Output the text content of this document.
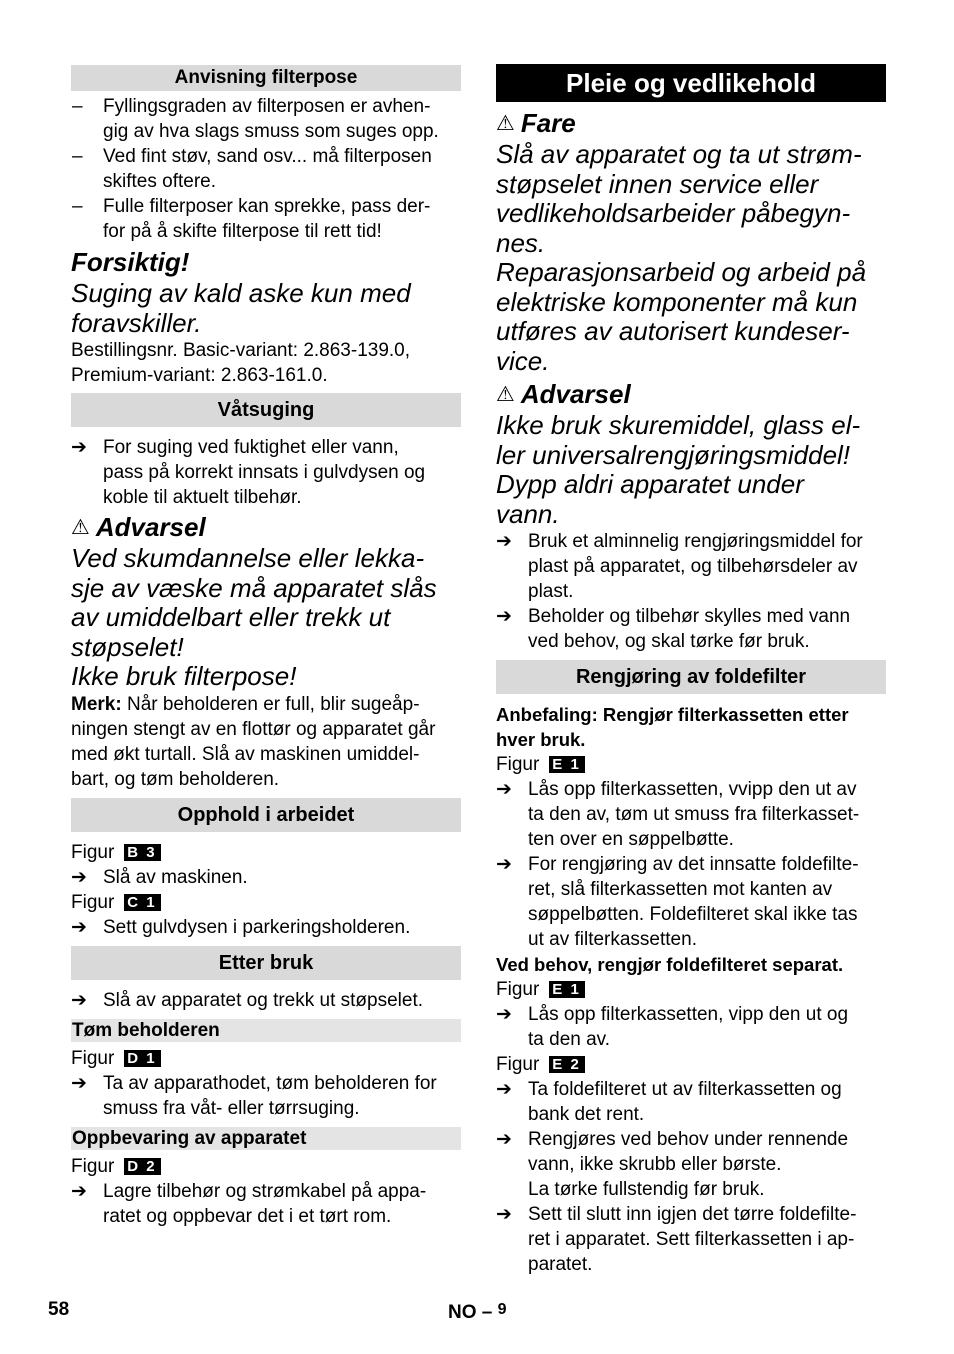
Anvisning filterpose
–	Fyllingsgraden av filterposen er avhen-
gig av hva slags smuss som suges opp.
–	Ved fint støv, sand osv... må filterposen
skiftes oftere.
–	Fulle filterposer kan sprekke, pass der-
for på å skifte filterpose til rett tid!
Forsiktig!
Suging av kald aske kun med
foravskiller.
Bestillingsnr. Basic-variant: 2.863-139.0,
Premium-variant: 2.863-161.0.
Våtsuging
➔ For suging ved fuktighet eller vann,
pass på korrekt innsats i gulvdysen og
koble til aktuelt tilbehør.
⚠ Advarsel
Ved skumdannelse eller lekka-
sje av væske må apparatet slås
av umiddelbart eller trekk ut
støpselet!
Ikke bruk filterpose!
Merk: Når beholderen er full, blir sugeåp-
ningen stengt av en flottør og apparatet går
med økt turtall. Slå av maskinen umiddel-
bart, og tøm beholderen.
Opphold i arbeidet
Figur B 3
➔ Slå av maskinen.
Figur C 1
➔ Sett gulvdysen i parkeringsholderen.
Etter bruk
➔ Slå av apparatet og trekk ut støpselet.
Tøm beholderen
Figur D 1
➔ Ta av apparathodet, tøm beholderen for
smuss fra våt- eller tørrsuging.
Oppbevaring av apparatet
Figur D 2
➔ Lagre tilbehør og strømkabel på appa-
ratet og oppbevar det i et tørt rom.
Pleie og vedlikehold
⚠ Fare
Slå av apparatet og ta ut strøm-
støpselet innen service eller
vedlikeholdsarbeider påbegyn-
nes.
Reparasjonsarbeid og arbeid på
elektriske komponenter må kun
utføres av autorisert kundeser-
vice.
⚠ Advarsel
Ikke bruk skuremiddel, glass el-
ler universalrengjøringsmiddel!
Dypp aldri apparatet under
vann.
➔ Bruk et alminnelig rengjøringsmiddel for
plast på apparatet, og tilbehørsdeler av
plast.
➔ Beholder og tilbehør skylles med vann
ved behov, og skal tørke før bruk.
Rengjøring av foldefilter
Anbefaling: Rengjør filterkassetten etter
hver bruk.
Figur E 1
➔ Lås opp filterkassetten, vvipp den ut av
ta den av, tøm ut smuss fra filterkasset-
ten over en søppelbøtte.
➔ For rengjøring av det innsatte foldefilte-
ret, slå filterkassetten mot kanten av
søppelbøtten. Foldefilteret skal ikke tas
ut av filterkassetten.
Ved behov, rengjør foldefilteret separat.
Figur E 1
➔ Lås opp filterkassetten, vipp den ut og
ta den av.
Figur E 2
➔ Ta foldefilteret ut av filterkassetten og
bank det rent.
➔ Rengjøres ved behov under rennende
vann, ikke skrubb eller børste.
La tørke fullstendig før bruk.
➔ Sett til slutt inn igjen det tørre foldefilte-
ret i apparatet. Sett filterkassetten i ap-
paratet.
58	NO – $^9$
